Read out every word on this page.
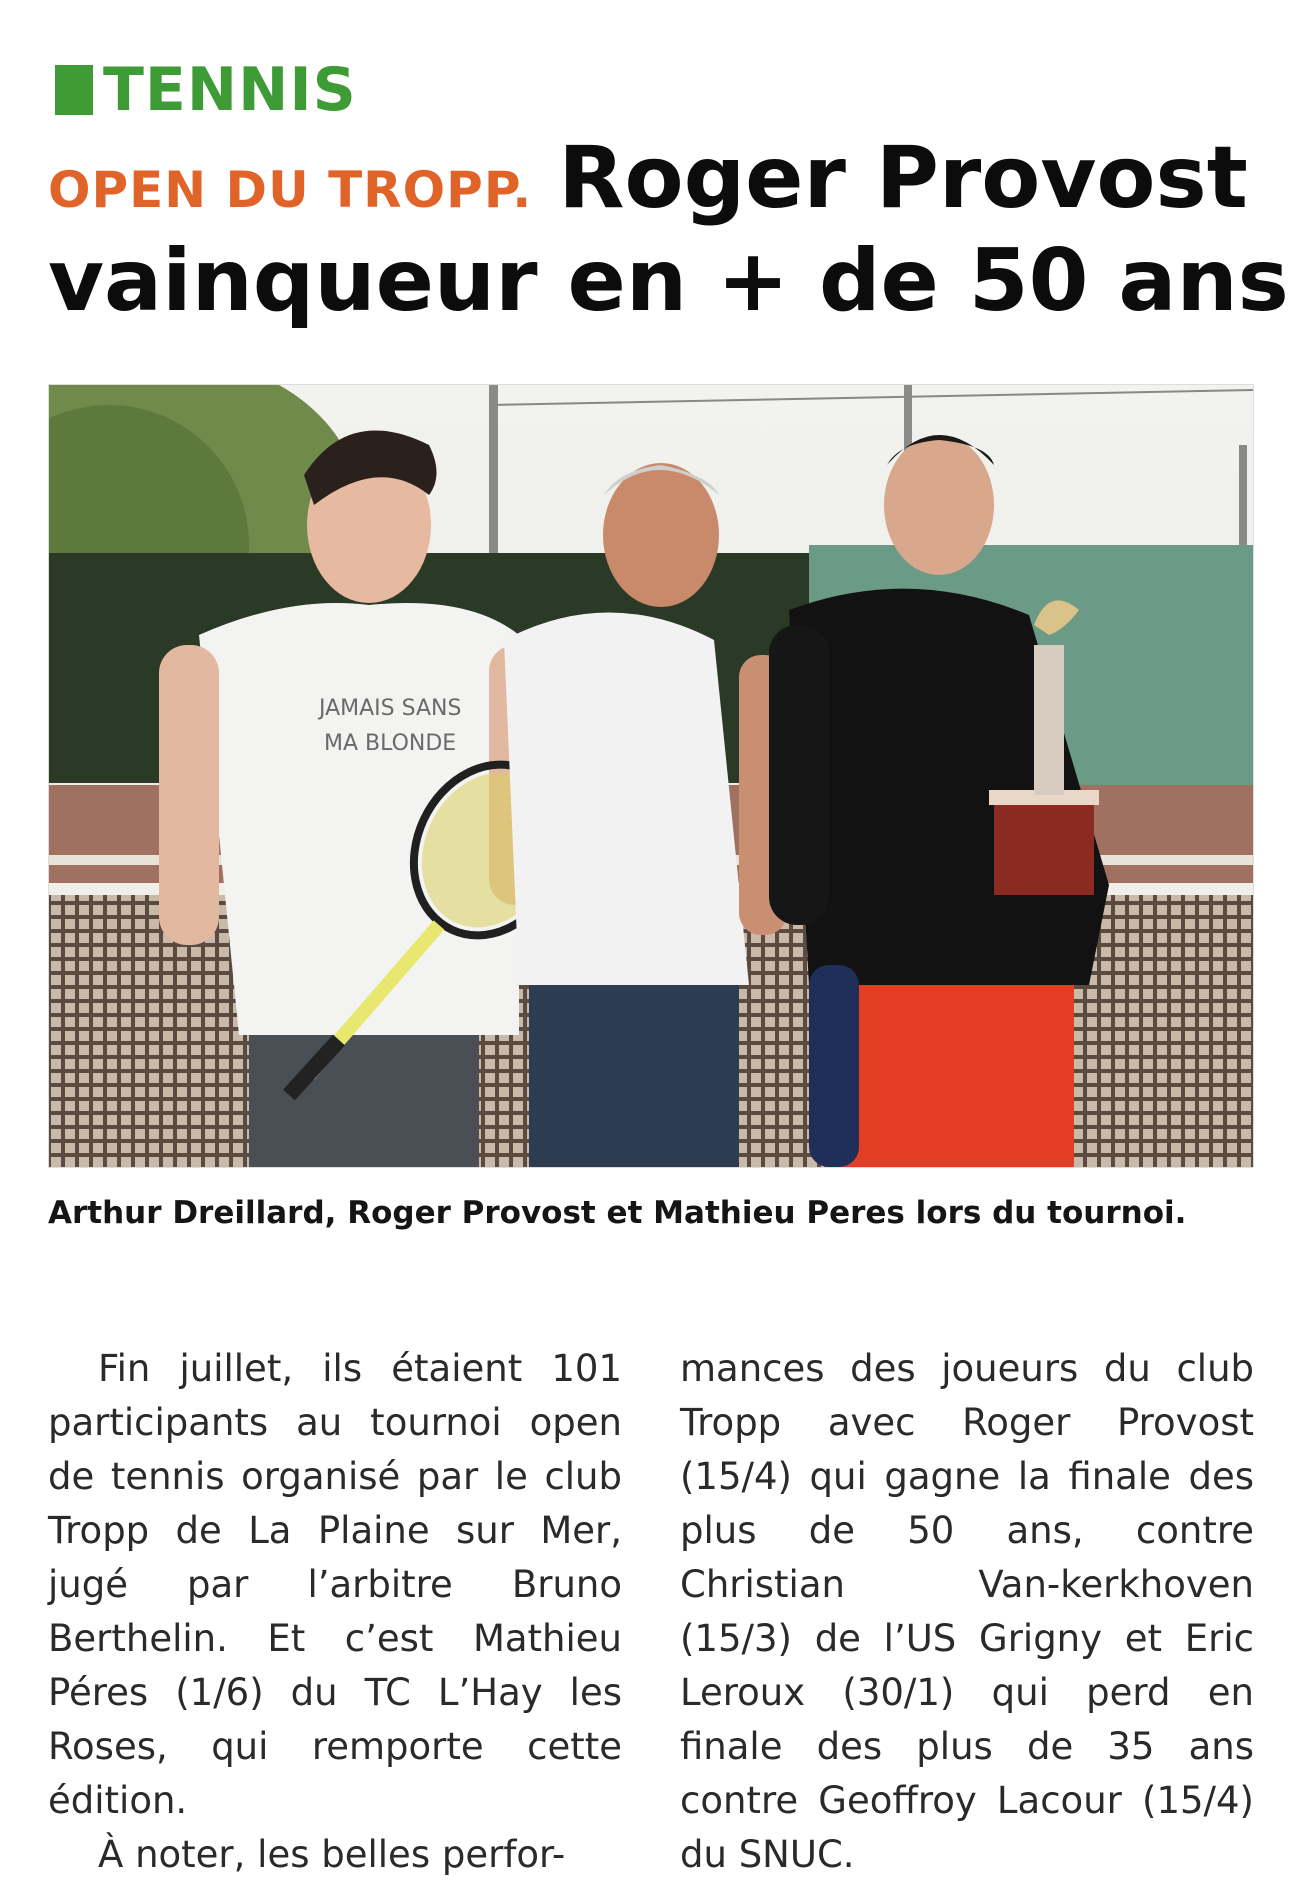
TENNIS
OPEN DU TROPP. Roger Provost
vainqueur en + de 50 ans
JAMAIS SANS
MA BLONDE
Arthur Dreillard, Roger Provost et Mathieu Peres lors du tournoi.

Fin juillet, ils étaient 101 participants au tournoi open de tennis organisé par le club Tropp de La Plaine sur Mer, jugé par l’arbitre Bruno Berthelin. Et c’est Mathieu Péres (1/6) du TC L’Hay les Roses, qui remporte cette édition.

À noter, les belles perfor-

mances des joueurs du club Tropp avec Roger Provost (15/4) qui gagne la finale des plus de 50 ans, contre Christian Van-kerkhoven (15/3) de l’US Grigny et Eric Leroux (30/1) qui perd en finale des plus de 35 ans contre Geoffroy Lacour (15/4) du SNUC.
